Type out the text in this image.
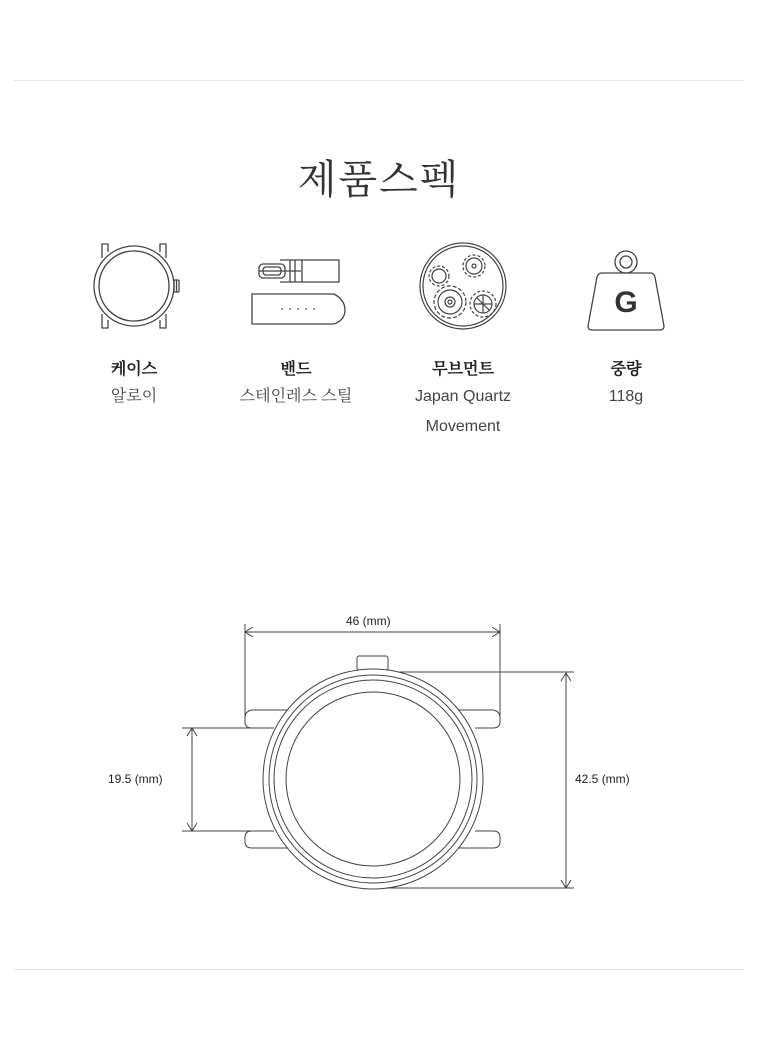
제품스펙
케이스
알로이
밴드
스테인레스 스틸
무브먼트
Japan Quartz
Movement
G
중량
118g
46 (mm)
19.5 (mm)	42.5 (mm)
